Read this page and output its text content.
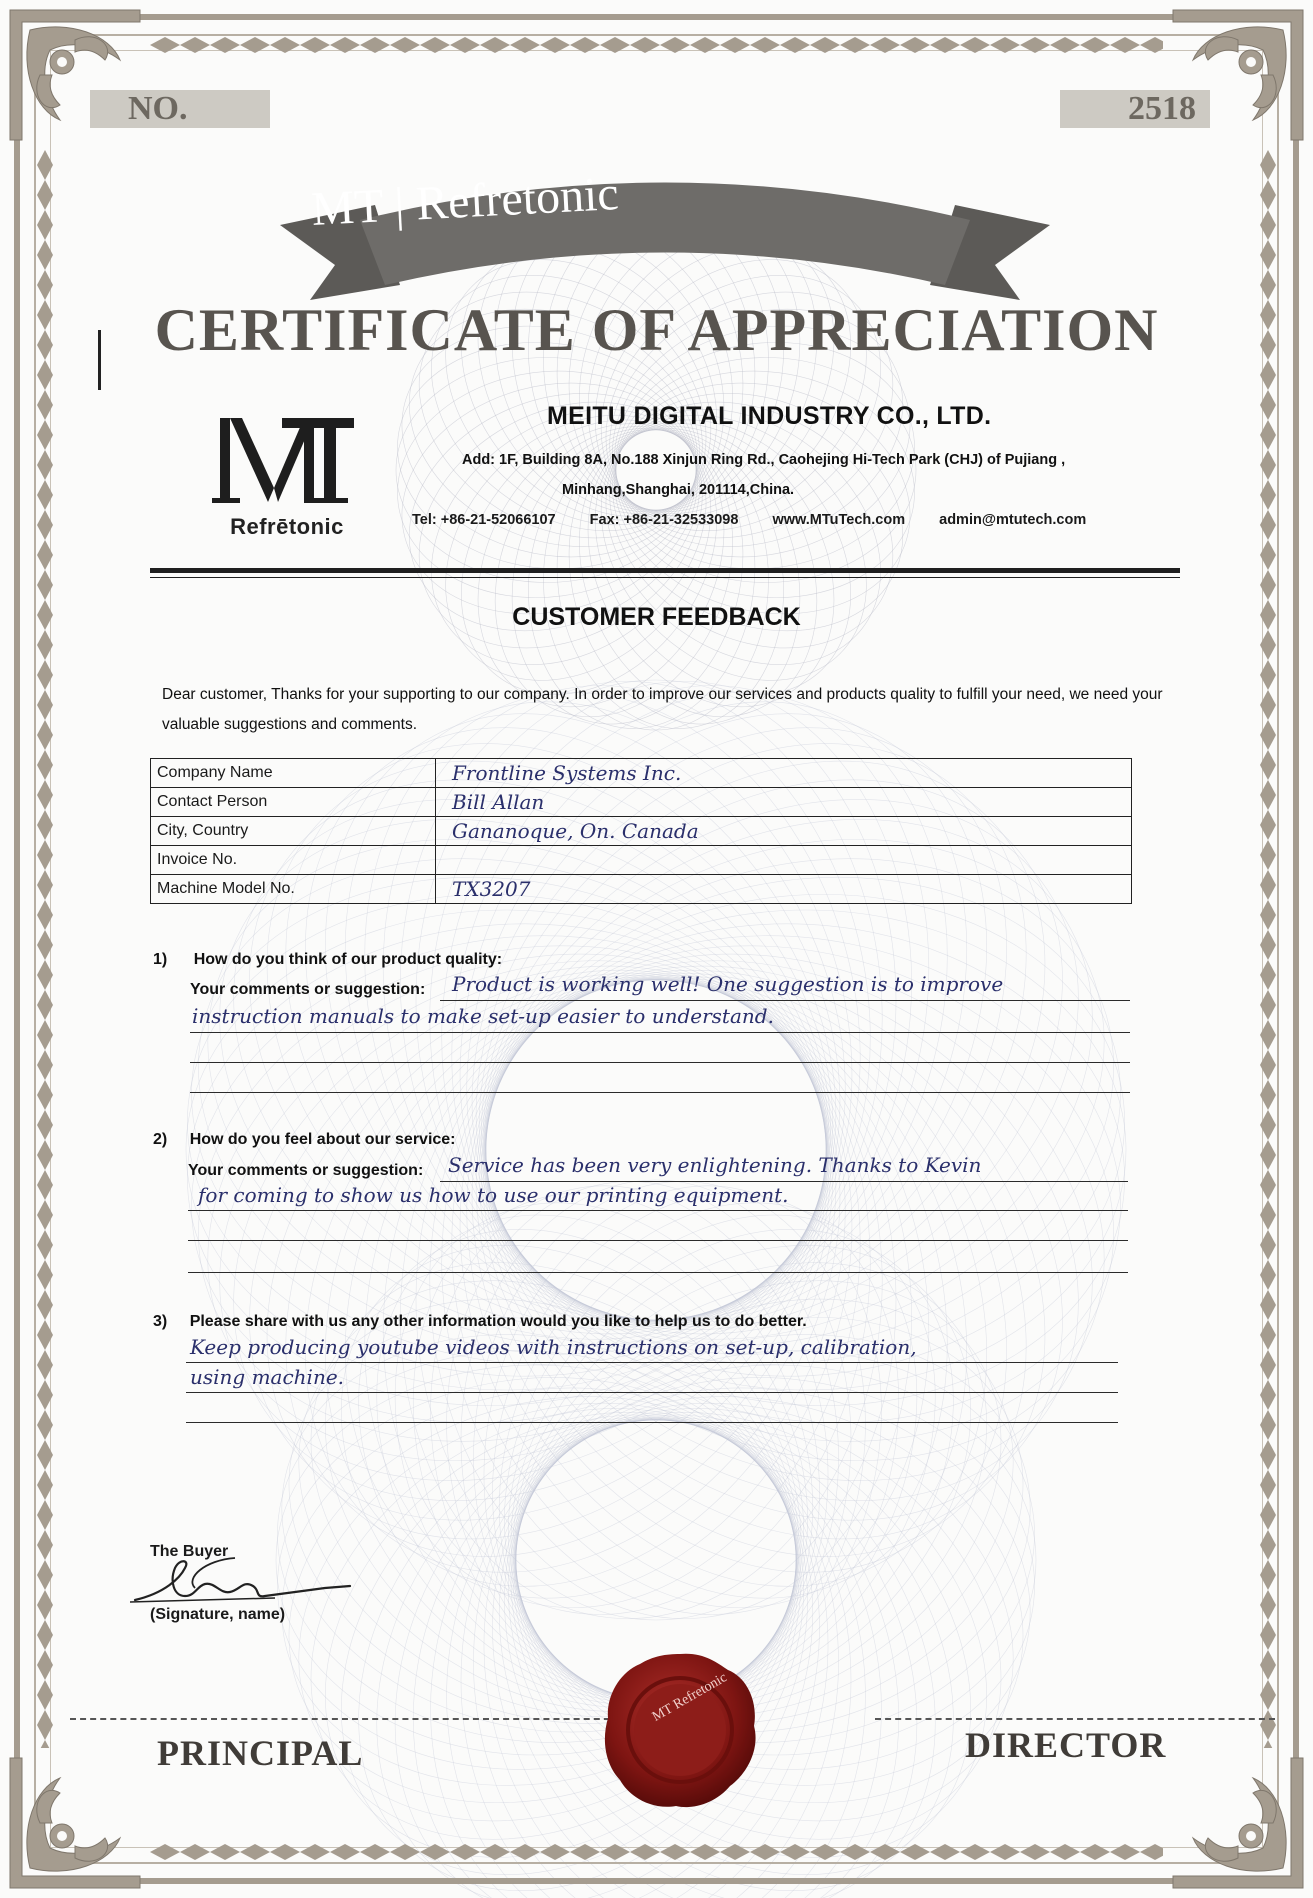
NO.	2518
MT | Refretonic
CERTIFICATE OF APPRECIATION
Refrētonic
MEITU DIGITAL INDUSTRY CO., LTD.
Add: 1F, Building 8A, No.188 Xinjun Ring Rd., Caohejing Hi-Tech Park (CHJ) of Pujiang ,
Minhang,Shanghai, 201114,China.
Tel: +86-21-52066107 Fax: +86-21-32533098 www.MTuTech.com admin@mtutech.com
CUSTOMER FEEDBACK
Dear customer, Thanks for your supporting to our company. In order to improve our services and products quality to fulfill your need, we need your valuable suggestions and comments.
Company Name	Frontline Systems Inc.
Contact Person	Bill Allan
City, Country	Gananoque, On. Canada
Invoice No.	
Machine Model No.	TX3207
1) How do you think of our product quality:
Your comments or suggestion: Product is working well! One suggestion is to improve
instruction manuals to make set-up easier to understand.
2) How do you feel about our service:
Your comments or suggestion: Service has been very enlightening. Thanks to Kevin
for coming to show us how to use our printing equipment.
3) Please share with us any other information would you like to help us to do better.
Keep producing youtube videos with instructions on set-up, calibration,
using machine.
The Buyer
(Signature, name)
PRINCIPAL	DIRECTOR
MT Refretonic
